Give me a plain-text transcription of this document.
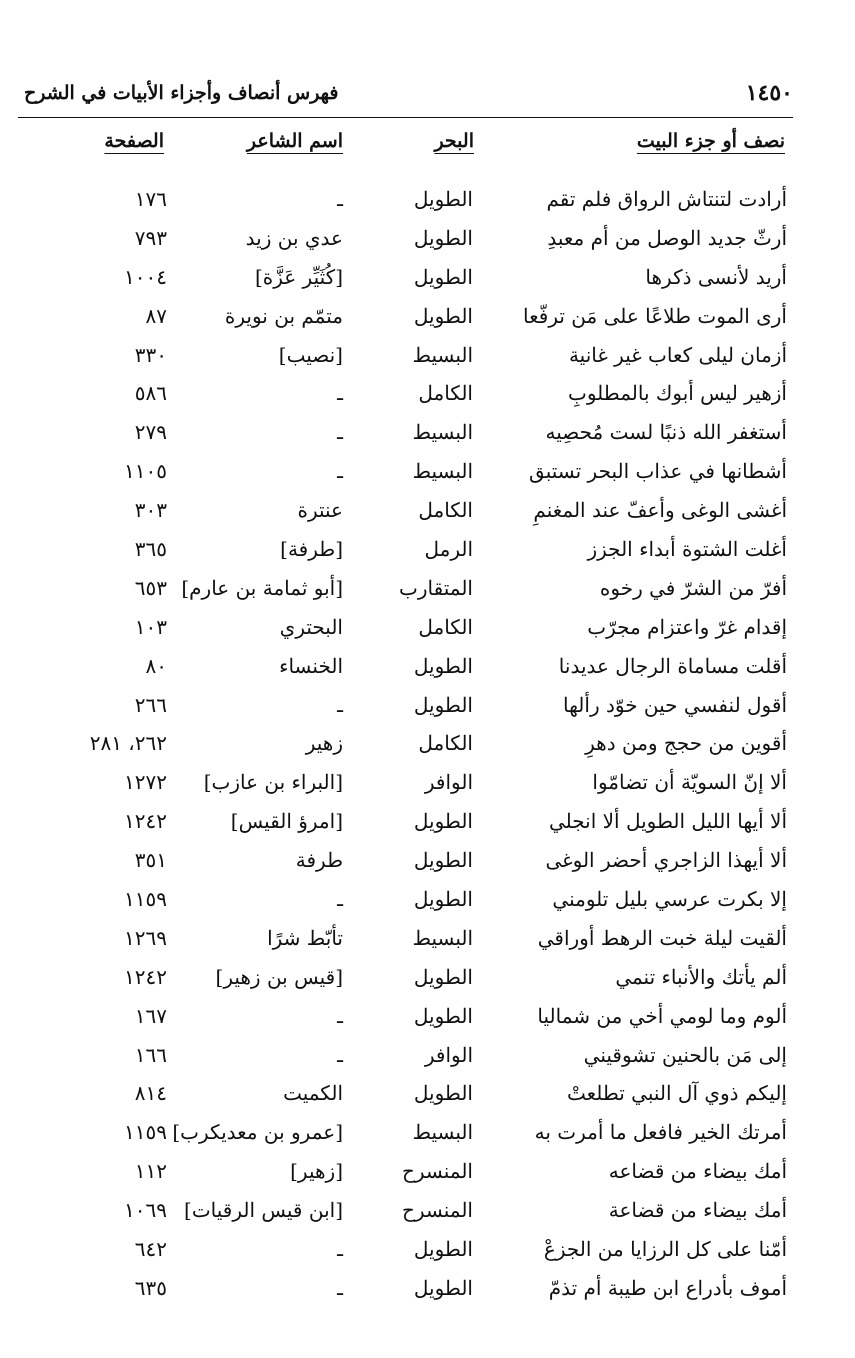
١٤٥٠
فهرس أنصاف وأجزاء الأبيات في الشرح
نصف أو جزء البيت
البحر
اسم الشاعر
الصفحة
أرادت لتنتاش الرواق فلم تقم
الطويل
ـ
١٧٦
أرثّ جديد الوصل من أم معبدِ
الطويل
عدي بن زيد
٧٩٣
أريد لأنسى ذكرها
الطويل
[كُثَيِّر عَزَّة]
١٠٠٤
أرى الموت طلاعًا على مَن ترفّعا
الطويل
متمّم بن نويرة
٨٧
أزمان ليلى كعاب غير غانية
البسيط
[نصيب]
٣٣٠
أزهير ليس أبوك بالمطلوبِ
الكامل
ـ
٥٨٦
أستغفر الله ذنبًا لست مُحصِيه
البسيط
ـ
٢٧٩
أشطانها في عذاب البحر تستبق
البسيط
ـ
١١٠٥
أغشى الوغى وأعفّ عند المغنمِ
الكامل
عنترة
٣٠٣
أغلت الشتوة أبداء الجزز
الرمل
[طرفة]
٣٦٥
أفرّ من الشرّ في رخوه
المتقارب
[أبو ثمامة بن عارم]
٦٥٣
إقدام غرّ واعتزام مجرّب
الكامل
البحتري
١٠٣
أقلت مساماة الرجال عديدنا
الطويل
الخنساء
٨٠
أقول لنفسي حين خوّد رألها
الطويل
ـ
٢٦٦
أقوين من حجج ومن دهرِ
الكامل
زهير
٢٦٢، ٢٨١
ألا إنّ السويّة أن تضامّوا
الوافر
[البراء بن عازب]
١٢٧٢
ألا أيها الليل الطويل ألا انجلي
الطويل
[امرؤ القيس]
١٢٤٢
ألا أيهذا الزاجري أحضر الوغى
الطويل
طرفة
٣٥١
إلا بكرت عرسي بليل تلومني
الطويل
ـ
١١٥٩
ألقيت ليلة خبت الرهط أوراقي
البسيط
تأبّط شرًا
١٢٦٩
ألم يأتك والأنباء تنمي
الطويل
[قيس بن زهير]
١٢٤٢
ألوم وما لومي أخي من شماليا
الطويل
ـ
١٦٧
إلى مَن بالحنين تشوقيني
الوافر
ـ
١٦٦
إليكم ذوي آل النبي تطلعتْ
الطويل
الكميت
٨١٤
أمرتك الخير فافعل ما أمرت به
البسيط
[عمرو بن معديكرب]
١١٥٩
أمك بيضاء من قضاعه
المنسرح
[زهير]
١١٢
أمك بيضاء من قضاعة
المنسرح
[ابن قيس الرقيات]
١٠٦٩
أمّنا على كل الرزايا من الجزعْ
الطويل
ـ
٦٤٢
أموف بأدراع ابن طيبة أم تذمّ
الطويل
ـ
٦٣٥
